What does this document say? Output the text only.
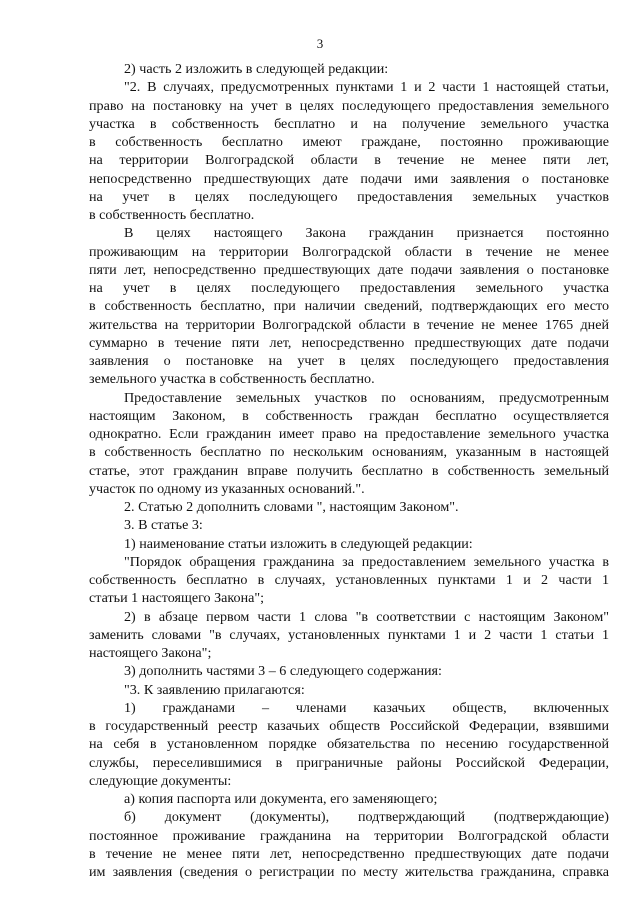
3
2) часть 2 изложить в следующей редакции:
"2. В случаях, предусмотренных пунктами 1 и 2 части 1 настоящей статьи,
право на постановку на учет в целях последующего предоставления земельного
участка в собственность бесплатно и на получение земельного участка
в собственность бесплатно имеют граждане, постоянно проживающие
на территории Волгоградской области в течение не менее пяти лет,
непосредственно предшествующих дате подачи ими заявления о постановке
на учет в целях последующего предоставления земельных участков
в собственность бесплатно.
В целях настоящего Закона гражданин признается постоянно
проживающим на территории Волгоградской области в течение не менее
пяти лет, непосредственно предшествующих дате подачи заявления о постановке
на учет в целях последующего предоставления земельного участка
в собственность бесплатно, при наличии сведений, подтверждающих его место
жительства на территории Волгоградской области в течение не менее 1765 дней
суммарно в течение пяти лет, непосредственно предшествующих дате подачи
заявления о постановке на учет в целях последующего предоставления
земельного участка в собственность бесплатно.
Предоставление земельных участков по основаниям, предусмотренным
настоящим Законом, в собственность граждан бесплатно осуществляется
однократно. Если гражданин имеет право на предоставление земельного участка
в собственность бесплатно по нескольким основаниям, указанным в настоящей
статье, этот гражданин вправе получить бесплатно в собственность земельный
участок по одному из указанных оснований.".
2. Статью 2 дополнить словами ", настоящим Законом".
3. В статье 3:
1) наименование статьи изложить в следующей редакции:
"Порядок обращения гражданина за предоставлением земельного участка в
собственность бесплатно в случаях, установленных пунктами 1 и 2 части 1
статьи 1 настоящего Закона";
2) в абзаце первом части 1 слова "в соответствии с настоящим Законом"
заменить словами "в случаях, установленных пунктами 1 и 2 части 1 статьи 1
настоящего Закона";
3) дополнить частями 3 – 6 следующего содержания:
"3. К заявлению прилагаются:
1) гражданами – членами казачьих обществ, включенных
в государственный реестр казачьих обществ Российской Федерации, взявшими
на себя в установленном порядке обязательства по несению государственной
службы, переселившимися в приграничные районы Российской Федерации,
следующие документы:
а) копия паспорта или документа, его заменяющего;
б) документ (документы), подтверждающий (подтверждающие)
постоянное проживание гражданина на территории Волгоградской области
в течение не менее пяти лет, непосредственно предшествующих дате подачи
им заявления (сведения о регистрации по месту жительства гражданина, справка
